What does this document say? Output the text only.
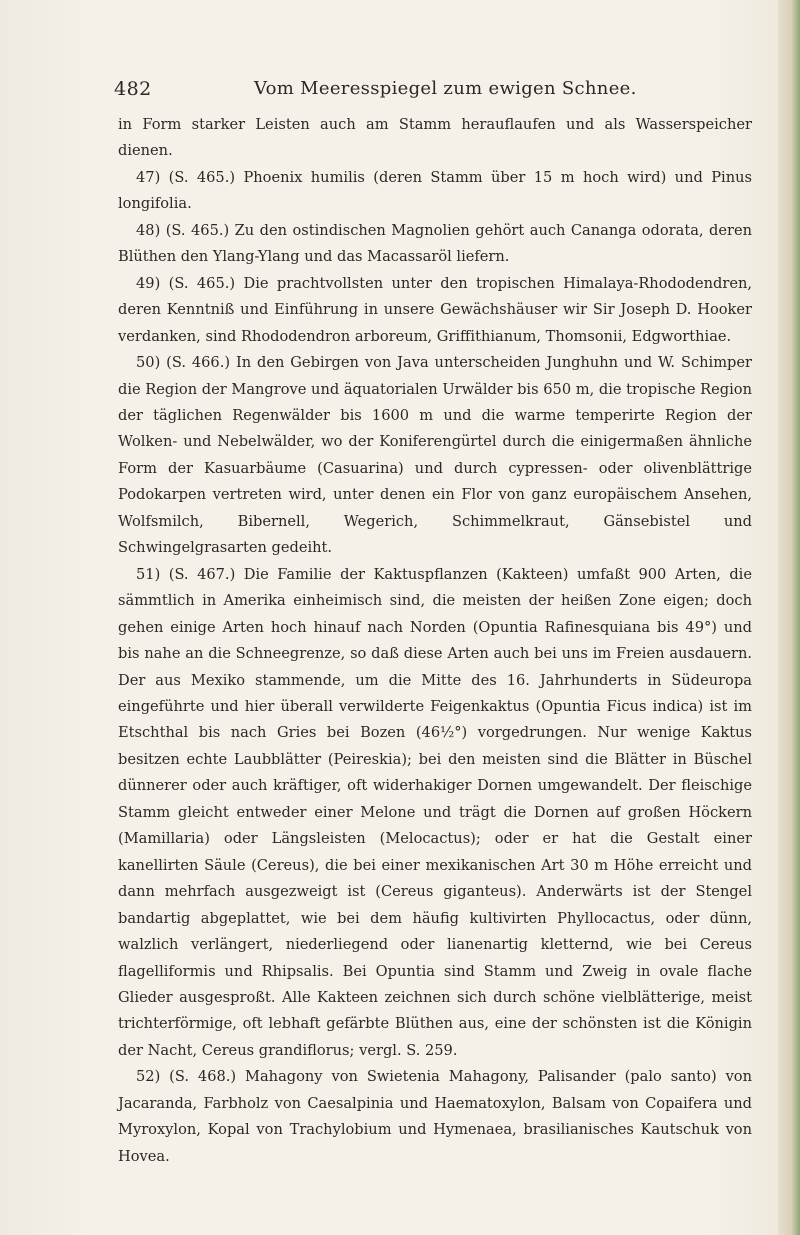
482	Vom Meeresspiegel zum ewigen Schnee.

in Form starker Leisten auch am Stamm herauflaufen und als Wasserspeicher dienen.

47) (S. 465.) Phoenix humilis (deren Stamm über 15 m hoch wird) und Pinus longifolia.

48) (S. 465.) Zu den ostindischen Magnolien gehört auch Cananga odorata, deren Blüthen den Ylang-Ylang und das Macassaröl liefern.

49) (S. 465.) Die prachtvollsten unter den tropischen Himalaya-Rhododendren, deren Kenntniß und Einführung in unsere Gewächshäuser wir Sir Joseph D. Hooker verdanken, sind Rhododendron arboreum, Griffithianum, Thomsonii, Edgworthiae.

50) (S. 466.) In den Gebirgen von Java unterscheiden Junghuhn und W. Schimper die Region der Mangrove und äquatorialen Urwälder bis 650 m, die tropische Region der täglichen Regenwälder bis 1600 m und die warme temperirte Region der Wolken- und Nebelwälder, wo der Koniferengürtel durch die einigermaßen ähnliche Form der Kasuarbäume (Casuarina) und durch cypressen- oder olivenblättrige Podokarpen vertreten wird, unter denen ein Flor von ganz europäischem Ansehen, Wolfsmilch, Bibernell, Wegerich, Schimmelkraut, Gänsebistel und Schwingelgrasarten gedeiht.

51) (S. 467.) Die Familie der Kaktuspflanzen (Kakteen) umfaßt 900 Arten, die sämmtlich in Amerika einheimisch sind, die meisten der heißen Zone eigen; doch gehen einige Arten hoch hinauf nach Norden (Opuntia Rafinesquiana bis 49°) und bis nahe an die Schneegrenze, so daß diese Arten auch bei uns im Freien ausdauern. Der aus Mexiko stammende, um die Mitte des 16. Jahrhunderts in Südeuropa eingeführte und hier überall verwilderte Feigenkaktus (Opuntia Ficus indica) ist im Etschthal bis nach Gries bei Bozen (46½°) vorgedrungen. Nur wenige Kaktus besitzen echte Laubblätter (Peireskia); bei den meisten sind die Blätter in Büschel dünnerer oder auch kräftiger, oft widerhakiger Dornen umgewandelt. Der fleischige Stamm gleicht entweder einer Melone und trägt die Dornen auf großen Höckern (Mamillaria) oder Längsleisten (Melocactus); oder er hat die Gestalt einer kanellirten Säule (Cereus), die bei einer mexikanischen Art 30 m Höhe erreicht und dann mehrfach ausgezweigt ist (Cereus giganteus). Anderwärts ist der Stengel bandartig abgeplattet, wie bei dem häufig kultivirten Phyllocactus, oder dünn, walzlich verlängert, niederliegend oder lianenartig kletternd, wie bei Cereus flagelliformis und Rhipsalis. Bei Opuntia sind Stamm und Zweig in ovale flache Glieder ausgesproßt. Alle Kakteen zeichnen sich durch schöne vielblätterige, meist trichterförmige, oft lebhaft gefärbte Blüthen aus, eine der schönsten ist die Königin der Nacht, Cereus grandiflorus; vergl. S. 259.

52) (S. 468.) Mahagony von Swietenia Mahagony, Palisander (palo santo) von Jacaranda, Farbholz von Caesalpinia und Haematoxylon, Balsam von Copaifera und Myroxylon, Kopal von Trachylobium und Hymenaea, brasilianisches Kautschuk von Hovea.
